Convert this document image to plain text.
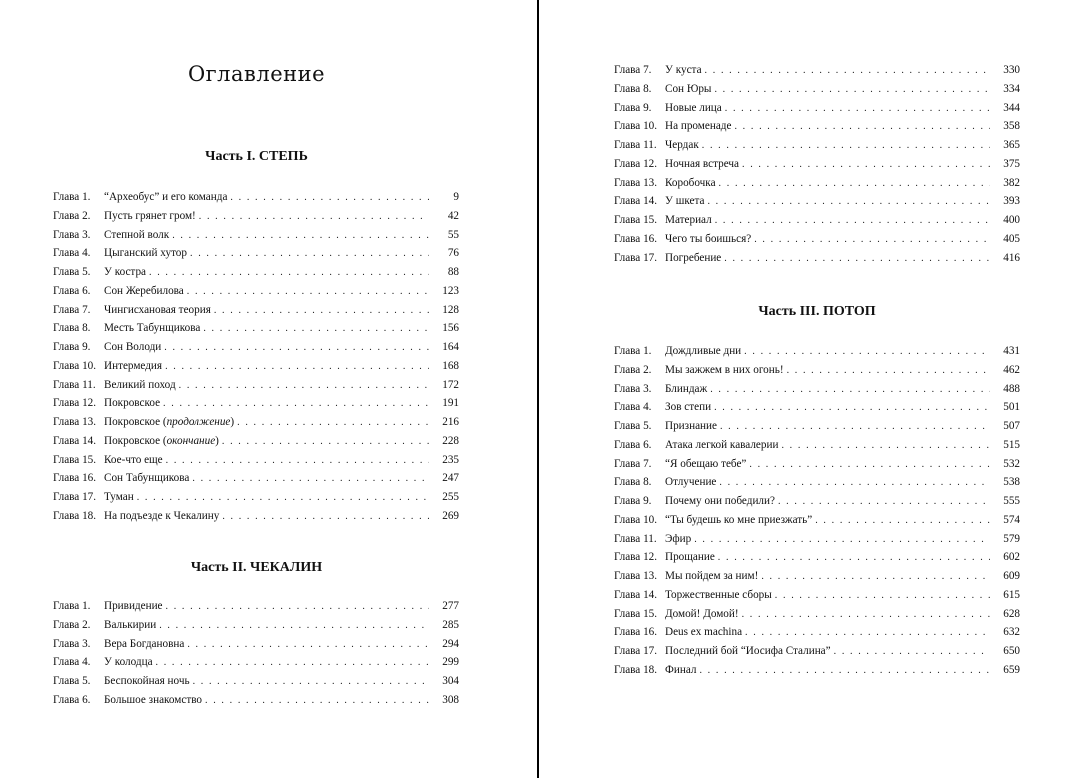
Оглавление
Часть I. СТЕПЬ
Глава 1.	“Археобус” и его команда . . .	9
Глава 2.	Пусть грянет гром! . . .	42
Глава 3.	Степной волк . . .	55
Глава 4.	Цыганский хутор . . .	76
Глава 5.	У костра . . .	88
Глава 6.	Сон Жеребилова . . .	123
Глава 7.	Чингисхановая теория . . .	128
Глава 8.	Месть Табунщикова . . .	156
Глава 9.	Сон Володи . . .	164
Глава 10. Интермедия . . .	168
Глава 11. Великий поход . . .	172
Глава 12. Покровское . . .	191
Глава 13. Покровское (продолжение) . . .	216
Глава 14. Покровское (окончание) . . .	228
Глава 15. Кое-что еще . . .	235
Глава 16. Сон Табунщикова . . .	247
Глава 17. Туман . . .	255
Глава 18. На подъезде к Чекалину . . .	269
Часть II. ЧЕКАЛИН
Глава 1.	Привидение . . .	277
Глава 2.	Валькирии . . .	285
Глава 3.	Вера Богдановна . . .	294
Глава 4.	У колодца . . .	299
Глава 5.	Беспокойная ночь . . .	304
Глава 6.	Большое знакомство . . .	308
Глава 7.	У куста . . .	330
Глава 8.	Сон Юры . . .	334
Глава 9.	Новые лица . . .	344
Глава 10. На променаде . . .	358
Глава 11. Чердак . . .	365
Глава 12. Ночная встреча . . .	375
Глава 13. Коробочка . . .	382
Глава 14. У шкета . . .	393
Глава 15. Материал . . .	400
Глава 16. Чего ты боишься? . . .	405
Глава 17. Погребение . . .	416
Часть III. ПОТОП
Глава 1.	Дождливые дни . . .	431
Глава 2.	Мы зажжем в них огонь! . . .	462
Глава 3.	Блиндаж . . .	488
Глава 4.	Зов степи . . .	501
Глава 5.	Признание . . .	507
Глава 6.	Атака легкой кавалерии . . .	515
Глава 7.	“Я обещаю тебе” . . .	532
Глава 8.	Отлучение . . .	538
Глава 9.	Почему они победили? . . .	555
Глава 10. “Ты будешь ко мне приезжать” . . .	574
Глава 11. Эфир . . .	579
Глава 12. Прощание . . .	602
Глава 13. Мы пойдем за ним! . . .	609
Глава 14. Торжественные сборы . . .	615
Глава 15. Домой! Домой! . . .	628
Глава 16. Deus ex machina . . .	632
Глава 17. Последний бой “Иосифа Сталина” . . .	650
Глава 18. Финал . . .	659
